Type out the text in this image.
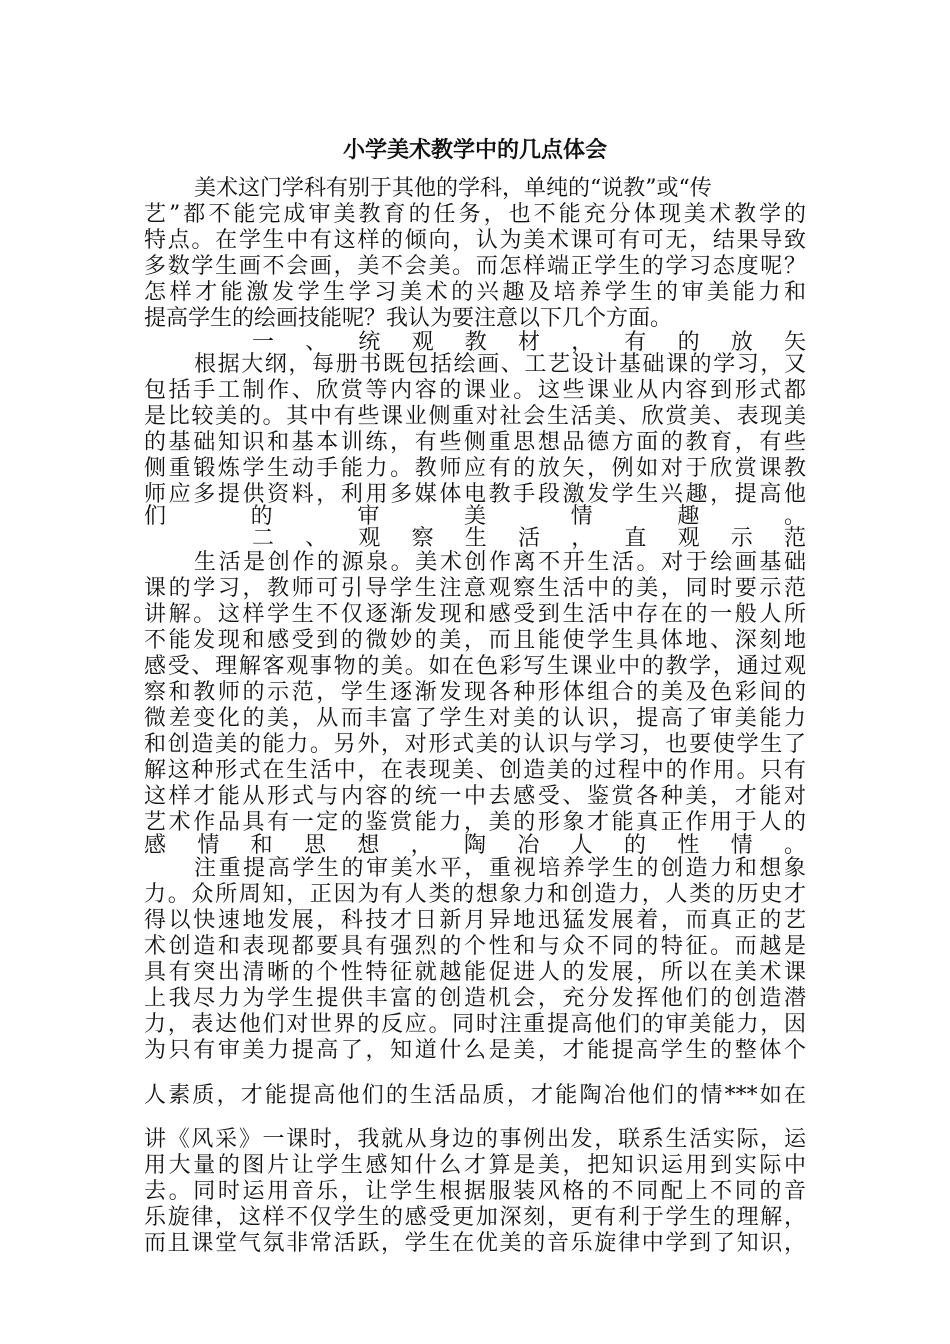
小学美术教学中的几点体会
美术这门学科有别于其他的学科，单纯的“说教”或“传
艺”都不能完成审美教育的任务，也不能充分体现美术教学的
特点。在学生中有这样的倾向，认为美术课可有可无，结果导致
多数学生画不会画，美不会美。而怎样端正学生的学习态度呢？
怎样才能激发学生学习美术的兴趣及培养学生的审美能力和
提高学生的绘画技能呢？我认为要注意以下几个方面。
一、统观教材，有的放矢
根据大纲，每册书既包括绘画、工艺设计基础课的学习，又
包括手工制作、欣赏等内容的课业。这些课业从内容到形式都
是比较美的。其中有些课业侧重对社会生活美、欣赏美、表现美
的基础知识和基本训练，有些侧重思想品德方面的教育，有些
侧重锻炼学生动手能力。教师应有的放矢，例如对于欣赏课教
师应多提供资料，利用多媒体电教手段激发学生兴趣，提高他
们的审美情趣。
二、观察生活，直观示范
生活是创作的源泉。美术创作离不开生活。对于绘画基础
课的学习，教师可引导学生注意观察生活中的美，同时要示范
讲解。这样学生不仅逐渐发现和感受到生活中存在的一般人所
不能发现和感受到的微妙的美，而且能使学生具体地、深刻地
感受、理解客观事物的美。如在色彩写生课业中的教学，通过观
察和教师的示范，学生逐渐发现各种形体组合的美及色彩间的
微差变化的美，从而丰富了学生对美的认识，提高了审美能力
和创造美的能力。另外，对形式美的认识与学习，也要使学生了
解这种形式在生活中，在表现美、创造美的过程中的作用。只有
这样才能从形式与内容的统一中去感受、鉴赏各种美，才能对
艺术作品具有一定的鉴赏能力，美的形象才能真正作用于人的
感情和思想，陶冶人的性情。
注重提高学生的审美水平，重视培养学生的创造力和想象
力。众所周知，正因为有人类的想象力和创造力，人类的历史才
得以快速地发展，科技才日新月异地迅猛发展着，而真正的艺
术创造和表现都要具有强烈的个性和与众不同的特征。而越是
具有突出清晰的个性特征就越能促进人的发展，所以在美术课
上我尽力为学生提供丰富的创造机会，充分发挥他们的创造潜
力，表达他们对世界的反应。同时注重提高他们的审美能力，因
为只有审美力提高了，知道什么是美，才能提高学生的整体个
人素质，才能提高他们的生活品质，才能陶冶他们的情***如在
讲《风采》一课时，我就从身边的事例出发，联系生活实际，运
用大量的图片让学生感知什么才算是美，把知识运用到实际中
去。同时运用音乐，让学生根据服装风格的不同配上不同的音
乐旋律，这样不仅学生的感受更加深刻，更有利于学生的理解，
而且课堂气氛非常活跃，学生在优美的音乐旋律中学到了知识，
